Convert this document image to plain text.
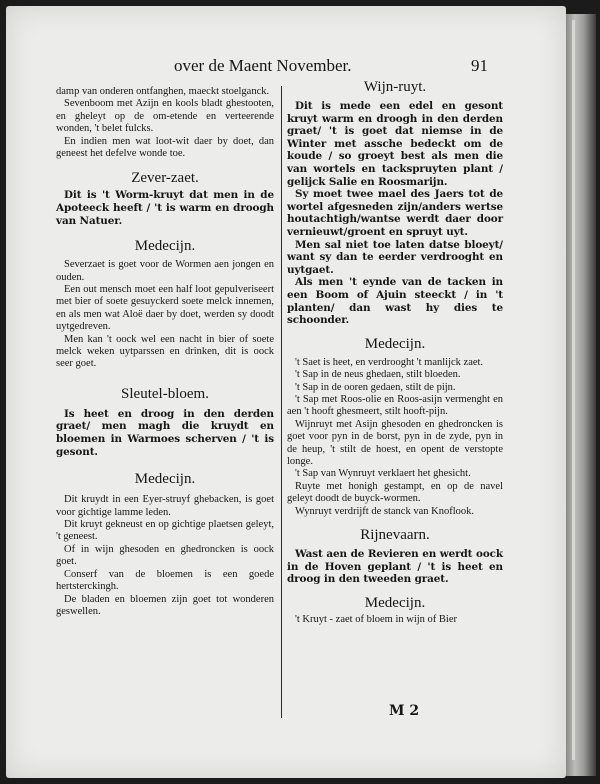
over de Maent November.	91

damp van onderen ontfanghen, maeckt stoelganck.

Sevenboom met Azijn en kools bladt ghestooten, en gheleyt op de om-etende en verteerende wonden, 't belet fulcks.

En indien men wat loot-wit daer by doet, dan geneest het defelve wonde toe.

Zever-zaet.

Dit is 't Worm-kruyt dat men in de Apoteeck heeft / 't is warm en droogh van Natuer.

Medecijn.

Severzaet is goet voor de Wormen aen jongen en ouden.

Een out mensch moet een half loot gepulveriseert met bier of soete gesuyckerd soete melck innemen, en als men wat Aloë daer by doet, werden sy doodt uytgedreven.

Men kan 't oock wel een nacht in bier of soete melck weken uytparssen en drinken, dit is oock seer goet.

Sleutel-bloem.

Is heet en droog in den derden graet/ men magh die kruydt en bloemen in Warmoes scherven / 't is gesont.

Medecijn.

Dit kruydt in een Eyer-struyf ghebacken, is goet voor gichtige lamme leden.

Dit kruyt gekneust en op gichtige plaetsen geleyt, 't geneest.

Of in wijn ghesoden en ghedroncken is oock goet.

Conserf van de bloemen is een goede hertsterckingh.

De bladen en bloemen zijn goet tot wonderen geswellen.

Wijn-ruyt.

Dit is mede een edel en gesont kruyt warm en droogh in den derden graet/ 't is goet dat niemse in de Winter met assche bedeckt om de koude / so groeyt best als men die van wortels en tackspruyten plant / gelijck Salie en Roosmarijn.

Sy moet twee mael des Jaers tot de wortel afgesneden zijn/anders wertse houtachtigh/wantse werdt daer door vernieuwt/groent en spruyt uyt.

Men sal niet toe laten datse bloeyt/ want sy dan te eerder verdrooght en uytgaet.

Als men 't eynde van de tacken in een Boom of Ajuin steeckt / in 't planten/ dan wast hy dies te schoonder.

Medecijn.

't Saet is heet, en verdrooght 't manlijck zaet.

't Sap in de neus ghedaen, stilt bloeden.

't Sap in de ooren gedaen, stilt de pijn.

't Sap met Roos-olie en Roos-asijn vermenght en aen 't hooft ghesmeert, stilt hooft-pijn.

Wijnruyt met Asijn ghesoden en ghedroncken is goet voor pyn in de borst, pyn in de zyde, pyn in de heup, 't stilt de hoest, en opent de verstopte longe.

't Sap van Wynruyt verklaert het ghesicht.

Ruyte met honigh gestampt, en op de navel geleyt doodt de buyck-wormen.

Wynruyt verdrijft de stanck van Knoflook.

Rijnevaarn.

Wast aen de Revieren en werdt oock in de Hoven geplant / 't is heet en droog in den tweeden graet.

Medecijn.

't Kruyt - zaet of bloem in wijn of Bier

M 2
